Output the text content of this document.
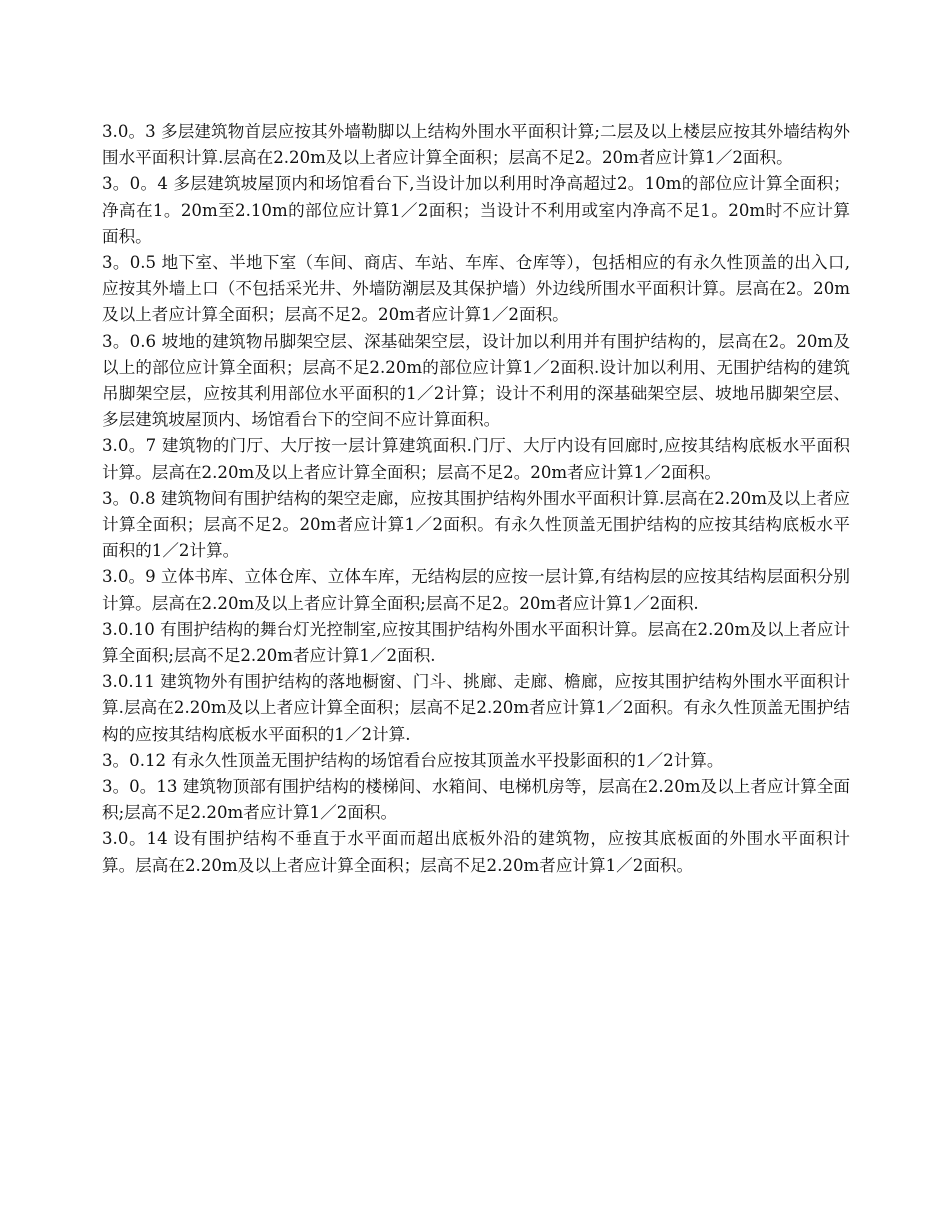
3.0。3 多层建筑物首层应按其外墙勒脚以上结构外围水平面积计算;二层及以上楼层应按其外墙结构外围水平面积计算.层高在2.20m及以上者应计算全面积；层高不足2。20m者应计算1／2面积。

3。0。4 多层建筑坡屋顶内和场馆看台下,当设计加以利用时净高超过2。10m的部位应计算全面积；净高在1。20m至2.10m的部位应计算1／2面积；当设计不利用或室内净高不足1。20m时不应计算面积。

3。0.5 地下室、半地下室（车间、商店、车站、车库、仓库等），包括相应的有永久性顶盖的出入口,应按其外墙上口（不包括采光井、外墙防潮层及其保护墙）外边线所围水平面积计算。层高在2。20m及以上者应计算全面积；层高不足2。20m者应计算1／2面积。

3。0.6 坡地的建筑物吊脚架空层、深基础架空层，设计加以利用并有围护结构的，层高在2。20m及以上的部位应计算全面积；层高不足2.20m的部位应计算1／2面积.设计加以利用、无围护结构的建筑吊脚架空层，应按其利用部位水平面积的1／2计算；设计不利用的深基础架空层、坡地吊脚架空层、多层建筑坡屋顶内、场馆看台下的空间不应计算面积。

3.0。7 建筑物的门厅、大厅按一层计算建筑面积.门厅、大厅内设有回廊时,应按其结构底板水平面积计算。层高在2.20m及以上者应计算全面积；层高不足2。20m者应计算1／2面积。

3。0.8 建筑物间有围护结构的架空走廊，应按其围护结构外围水平面积计算.层高在2.20m及以上者应计算全面积；层高不足2。20m者应计算1／2面积。有永久性顶盖无围护结构的应按其结构底板水平面积的1／2计算。

3.0。9 立体书库、立体仓库、立体车库，无结构层的应按一层计算,有结构层的应按其结构层面积分别计算。层高在2.20m及以上者应计算全面积;层高不足2。20m者应计算1／2面积.

3.0.10 有围护结构的舞台灯光控制室,应按其围护结构外围水平面积计算。层高在2.20m及以上者应计算全面积;层高不足2.20m者应计算1／2面积.

3.0.11 建筑物外有围护结构的落地橱窗、门斗、挑廊、走廊、檐廊，应按其围护结构外围水平面积计算.层高在2.20m及以上者应计算全面积；层高不足2.20m者应计算1／2面积。有永久性顶盖无围护结构的应按其结构底板水平面积的1／2计算.

3。0.12 有永久性顶盖无围护结构的场馆看台应按其顶盖水平投影面积的1／2计算。

3。0。13 建筑物顶部有围护结构的楼梯间、水箱间、电梯机房等，层高在2.20m及以上者应计算全面积;层高不足2.20m者应计算1／2面积。

3.0。14 设有围护结构不垂直于水平面而超出底板外沿的建筑物，应按其底板面的外围水平面积计算。层高在2.20m及以上者应计算全面积；层高不足2.20m者应计算1／2面积。
